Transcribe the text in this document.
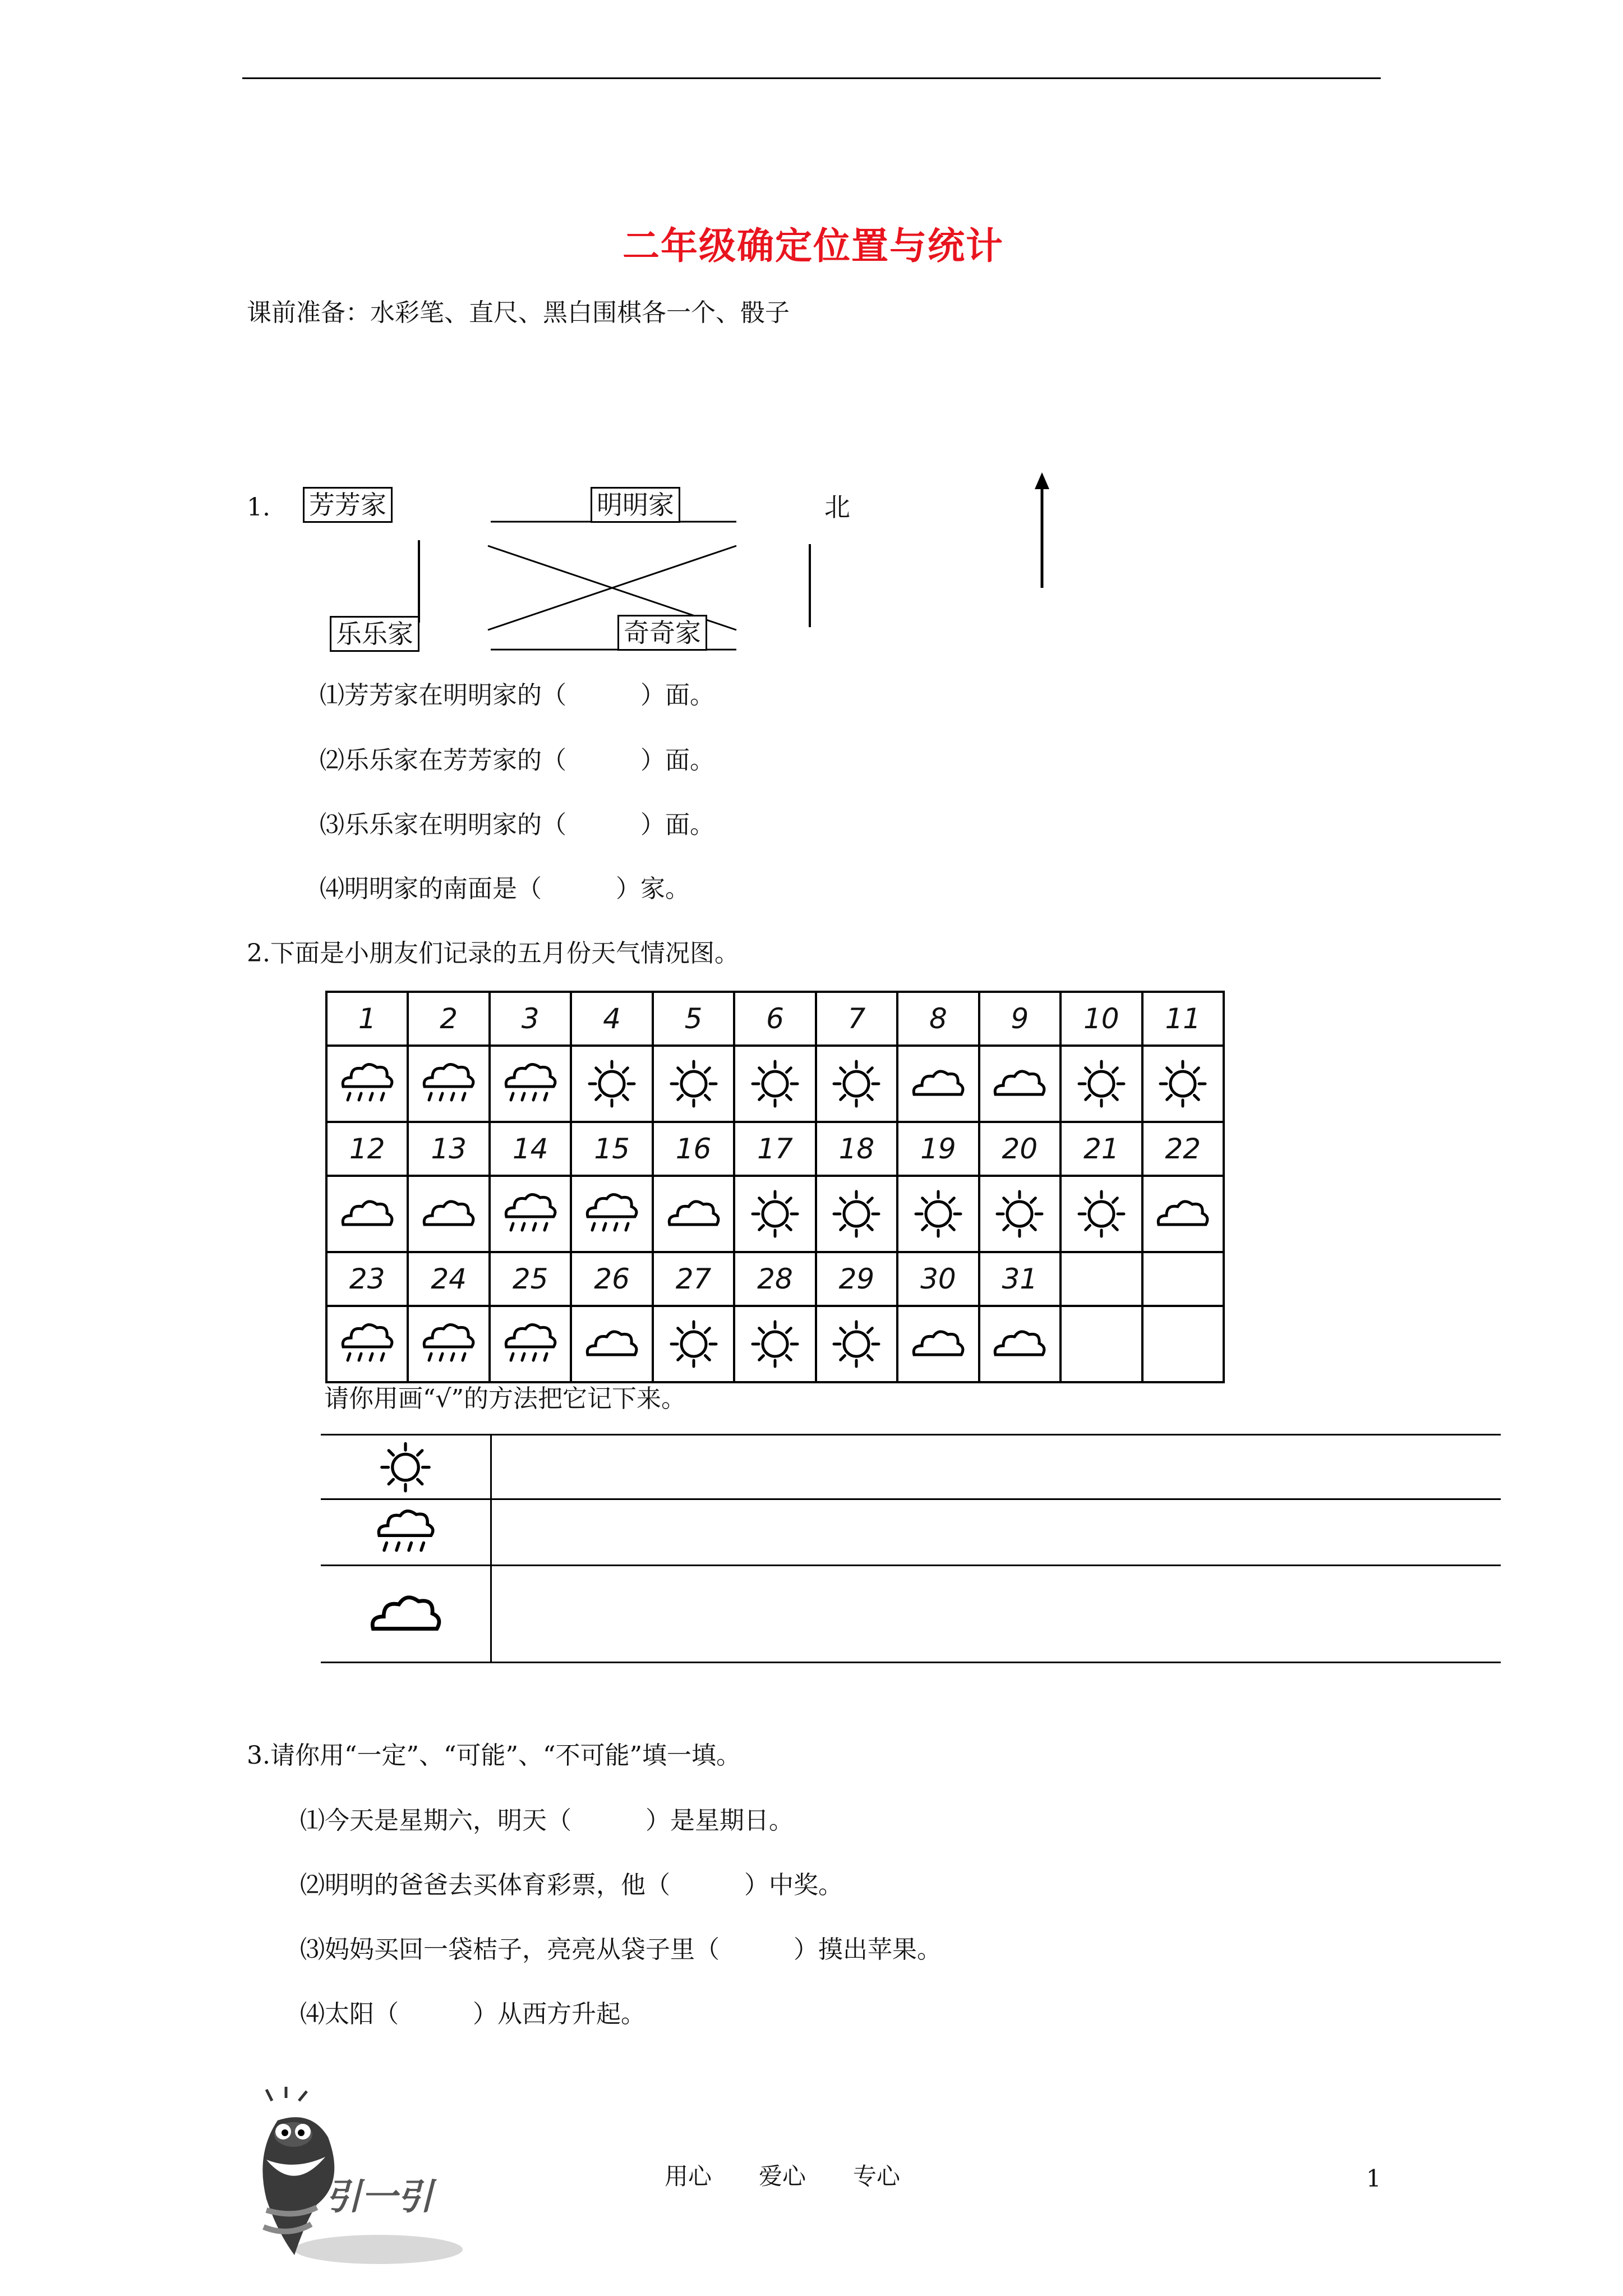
二年级确定位置与统计
课前准备：水彩笔、直尺、黑白围棋各一个、骰子
1. 芳芳家	明明家
乐乐家	奇奇家
北
⑴芳芳家在明明家的（　　　）面。
⑵乐乐家在芳芳家的（　　　）面。
⑶乐乐家在明明家的（　　　）面。
⑷明明家的南面是（　　　）家。
2.下面是小朋友们记录的五月份天气情况图。
1	2	3	4	5	6	7	8	9	10	11

12	13	14	15	16	17	18	19	20	21	22

23	24	25	26	27	28	29	30	31		

请你用画“√”的方法把它记下来。
3.请你用“一定”、“可能”、“不可能”填一填。
⑴今天是星期六，明天（　　　）是星期日。
⑵明明的爸爸去买体育彩票，他（　　　）中奖。
⑶妈妈买回一袋桔子，亮亮从袋子里（　　　）摸出苹果。
⑷太阳（　　　）从西方升起。
引一引
用心　　爱心　　专心	1
